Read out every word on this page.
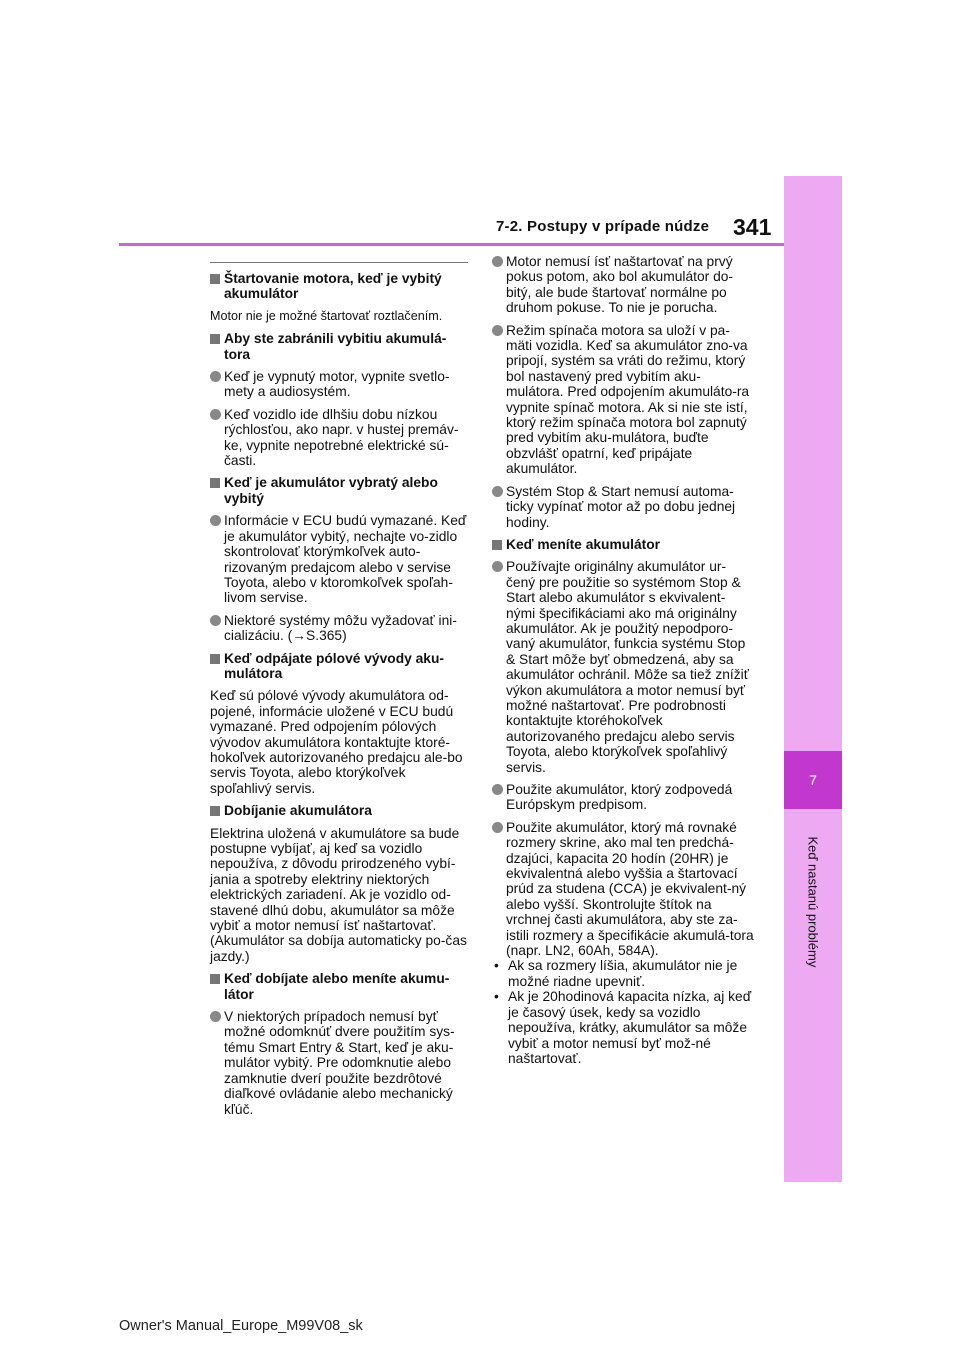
7-2. Postupy v prípade núdze 341
7
Keď nastanú problémy
Štartovanie motora, keď je vybitý akumulátor
Motor nie je možné štartovať roztlačením.
Aby ste zabránili vybitiu akumulá-tora
Keď je vypnutý motor, vypnite svetlo-mety a audiosystém.
Keď vozidlo ide dlhšiu dobu nízkou rýchlosťou, ako napr. v hustej premáv-ke, vypnite nepotrebné elektrické sú-časti.
Keď je akumulátor vybratý alebo vybitý
Informácie v ECU budú vymazané. Keď je akumulátor vybitý, nechajte vo-zidlo skontrolovať ktorýmkoľvek auto-rizovaným predajcom alebo v servise Toyota, alebo v ktoromkoľvek spoľah-livom servise.
Niektoré systémy môžu vyžadovať ini-cializáciu. (→S.365)
Keď odpájate pólové vývody aku-mulátora
Keď sú pólové vývody akumulátora od-pojené, informácie uložené v ECU budú vymazané. Pred odpojením pólových vývodov akumulátora kontaktujte ktoré-hokoľvek autorizovaného predajcu ale-bo servis Toyota, alebo ktorýkoľvek spoľahlivý servis.
Dobíjanie akumulátora
Elektrina uložená v akumulátore sa bude postupne vybíjať, aj keď sa vozidlo nepoužíva, z dôvodu prirodzeného vybí-jania a spotreby elektriny niektorých elektrických zariadení. Ak je vozidlo od-stavené dlhú dobu, akumulátor sa môže vybiť a motor nemusí ísť naštartovať. (Akumulátor sa dobíja automaticky po-čas jazdy.)
Keď dobíjate alebo meníte akumu-látor
V niektorých prípadoch nemusí byť možné odomknúť dvere použitím sys-tému Smart Entry & Start, keď je aku-mulátor vybitý. Pre odomknutie alebo zamknutie dverí použite bezdrôtové diaľkové ovládanie alebo mechanický kľúč.
Motor nemusí ísť naštartovať na prvý pokus potom, ako bol akumulátor do-bitý, ale bude štartovať normálne po druhom pokuse. To nie je porucha.
Režim spínača motora sa uloží v pa-mäti vozidla. Keď sa akumulátor zno-va pripojí, systém sa vráti do režimu, ktorý bol nastavený pred vybitím aku-mulátora. Pred odpojením akumuláto-ra vypnite spínač motora. Ak si nie ste istí, ktorý režim spínača motora bol zapnutý pred vybitím aku-mulátora, buďte obzvlášť opatrní, keď pripájate akumulátor.
Systém Stop & Start nemusí automa-ticky vypínať motor až po dobu jednej hodiny.
Keď meníte akumulátor
Používajte originálny akumulátor ur-čený pre použitie so systémom Stop & Start alebo akumulátor s ekvivalent-nými špecifikáciami ako má originálny akumulátor. Ak je použitý nepodporo-vaný akumulátor, funkcia systému Stop & Start môže byť obmedzená, aby sa akumulátor ochránil. Môže sa tiež znížiť výkon akumulátora a motor nemusí byť možné naštartovať. Pre podrobnosti kontaktujte ktoréhokoľvek autorizovaného predajcu alebo servis Toyota, alebo ktorýkoľvek spoľahlivý servis.
Použite akumulátor, ktorý zodpovedá Európskym predpisom.
Použite akumulátor, ktorý má rovnaké rozmery skrine, ako mal ten predchá-dzajúci, kapacita 20 hodín (20HR) je ekvivalentná alebo vyššia a štartovací prúd za studena (CCA) je ekvivalent-ný alebo vyšší. Skontrolujte štítok na vrchnej časti akumulátora, aby ste za-istili rozmery a špecifikácie akumulá-tora (napr. LN2, 60Ah, 584A).
• Ak sa rozmery líšia, akumulátor nie je možné riadne upevniť.
• Ak je 20hodinová kapacita nízka, aj keď je časový úsek, kedy sa vozidlo nepoužíva, krátky, akumulátor sa môže vybiť a motor nemusí byť mož-né naštartovať.
Owner's Manual_Europe_M99V08_sk
